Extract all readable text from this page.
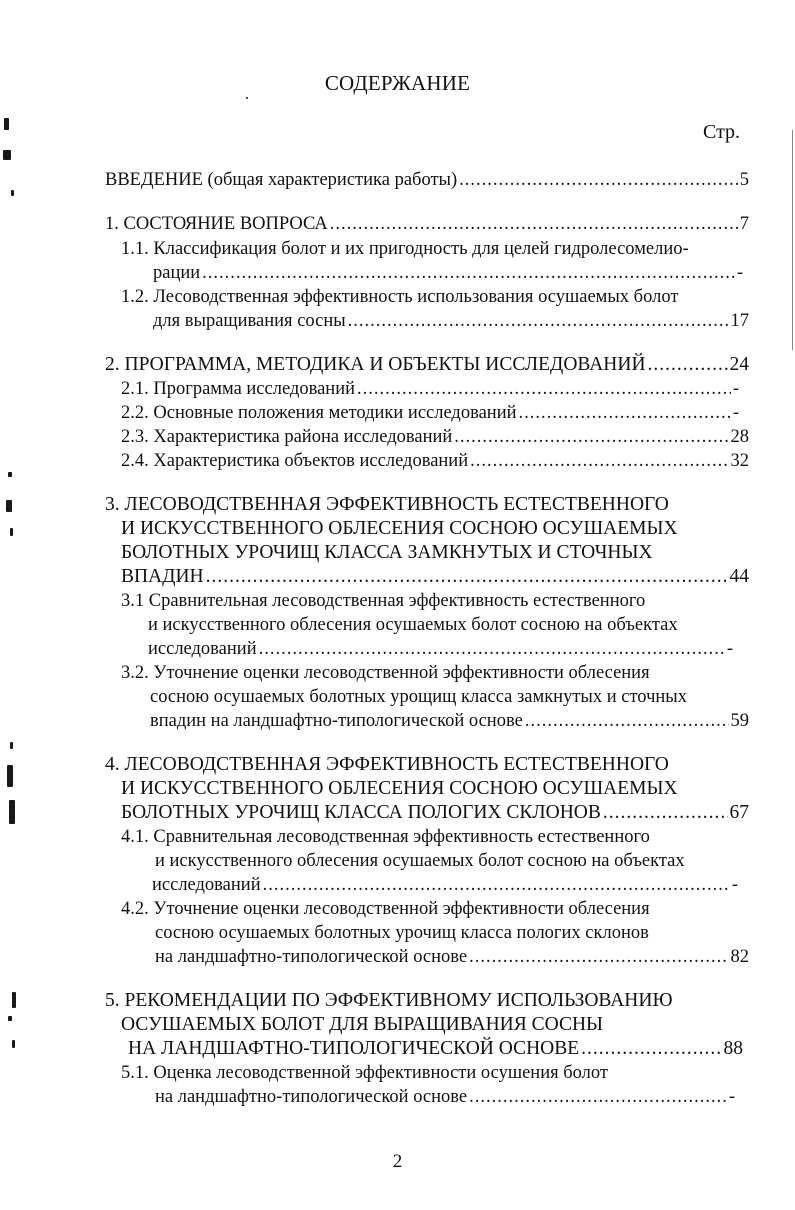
СОДЕРЖАНИЕ
Стр.
ВВЕДЕНИЕ (общая характеристика работы) .....	5
1. СОСТОЯНИЕ ВОПРОСА .....	7
1.1. Классификация болот и их пригодность для целей гидролесомелио-
рации .....	-
1.2. Лесоводственная эффективность использования осушаемых болот
для выращивания сосны .....	17
2. ПРОГРАММА, МЕТОДИКА И ОБЪЕКТЫ ИССЛЕДОВАНИЙ .....	24
2.1. Программа исследований .....	-
2.2. Основные положения методики исследований .....	-
2.3. Характеристика района исследований .....	28
2.4. Характеристика объектов исследований .....	32
3. ЛЕСОВОДСТВЕННАЯ ЭФФЕКТИВНОСТЬ ЕСТЕСТВЕННОГО
И ИСКУССТВЕННОГО ОБЛЕСЕНИЯ СОСНОЮ ОСУШАЕМЫХ
БОЛОТНЫХ УРОЧИЩ КЛАССА ЗАМКНУТЫХ И СТОЧНЫХ
ВПАДИН .....	44
3.1 Сравнительная лесоводственная эффективность естественного
и искусственного облесения осушаемых болот сосною на объектах
исследований .....	-
3.2. Уточнение оценки лесоводственной эффективности облесения
сосною осушаемых болотных урощищ класса замкнутых и сточных
впадин на ландшафтно-типологической основе .....	59
4. ЛЕСОВОДСТВЕННАЯ ЭФФЕКТИВНОСТЬ ЕСТЕСТВЕННОГО
И ИСКУССТВЕННОГО ОБЛЕСЕНИЯ СОСНОЮ ОСУШАЕМЫХ
БОЛОТНЫХ УРОЧИЩ КЛАССА ПОЛОГИХ СКЛОНОВ .....	67
4.1. Сравнительная лесоводственная эффективность естественного
и искусственного облесения осушаемых болот сосною на объектах
исследований .....	-
4.2. Уточнение оценки лесоводственной эффективности облесения
сосною осушаемых болотных урочищ класса пологих склонов
на ландшафтно-типологической основе .....	82
5. РЕКОМЕНДАЦИИ ПО ЭФФЕКТИВНОМУ ИСПОЛЬЗОВАНИЮ
ОСУШАЕМЫХ БОЛОТ ДЛЯ ВЫРАЩИВАНИЯ СОСНЫ
НА ЛАНДШАФТНО-ТИПОЛОГИЧЕСКОЙ ОСНОВЕ .....	88
5.1. Оценка лесоводственной эффективности осушения болот
на ландшафтно-типологической основе .....	-
2
